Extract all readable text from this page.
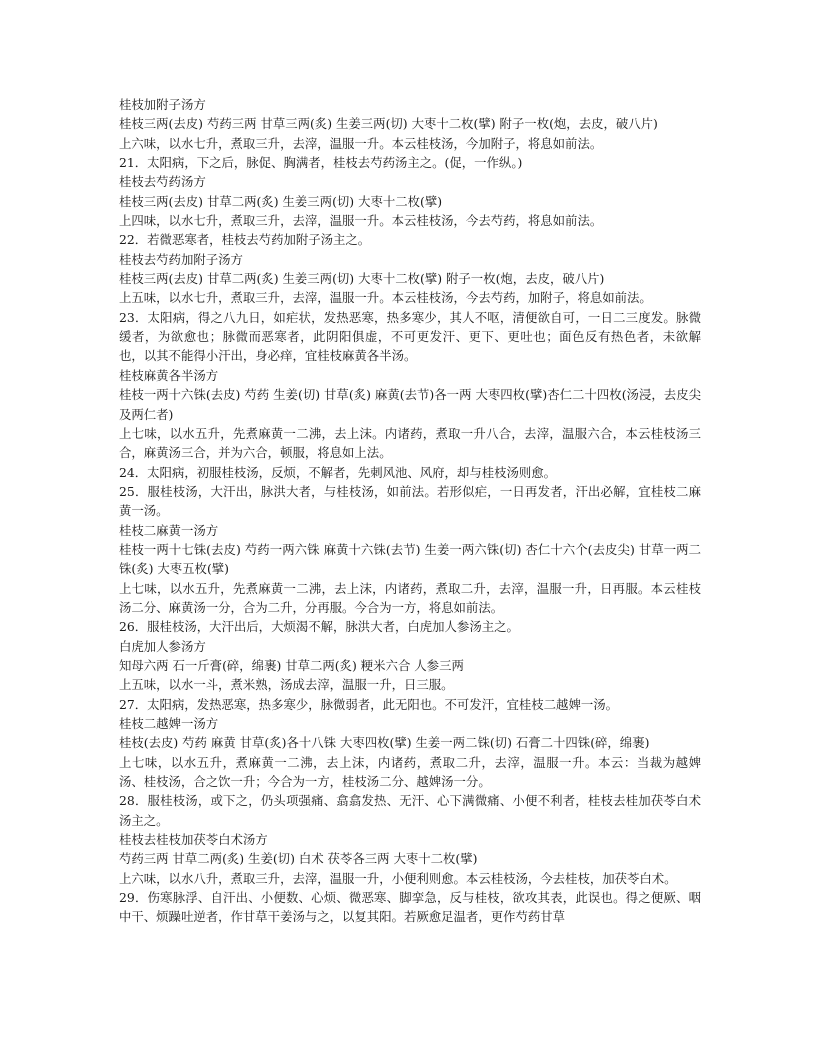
桂枝加附子汤方

桂枝三两(去皮) 芍药三两 甘草三两(炙) 生姜三两(切) 大枣十二枚(擘) 附子一枚(炮，去皮，破八片)

上六味，以水七升，煮取三升，去滓，温服一升。本云桂枝汤，今加附子，将息如前法。

21．太阳病，下之后，脉促、胸满者，桂枝去芍药汤主之。(促，一作纵。)

桂枝去芍药汤方

桂枝三两(去皮) 甘草二两(炙) 生姜三两(切) 大枣十二枚(擘)

上四味，以水七升，煮取三升，去滓，温服一升。本云桂枝汤，今去芍药，将息如前法。

22．若微恶寒者，桂枝去芍药加附子汤主之。

桂枝去芍药加附子汤方

桂枝三两(去皮) 甘草二两(炙) 生姜三两(切) 大枣十二枚(擘) 附子一枚(炮，去皮，破八片)

上五味，以水七升，煮取三升，去滓，温服一升。本云桂枝汤，今去芍药，加附子，将息如前法。

23．太阳病，得之八九日，如疟状，发热恶寒，热多寒少，其人不呕，清便欲自可，一日二三度发。脉微缓者，为欲愈也；脉微而恶寒者，此阴阳俱虚，不可更发汗、更下、更吐也；面色反有热色者，未欲解也，以其不能得小汗出，身必痒，宜桂枝麻黄各半汤。

桂枝麻黄各半汤方

桂枝一两十六铢(去皮) 芍药 生姜(切) 甘草(炙) 麻黄(去节)各一两 大枣四枚(擘)杏仁二十四枚(汤浸，去皮尖及两仁者)

上七味，以水五升，先煮麻黄一二沸，去上沫。内诸药，煮取一升八合，去滓，温服六合，本云桂枝汤三合，麻黄汤三合，并为六合，顿服，将息如上法。

24．太阳病，初服桂枝汤，反烦，不解者，先刺风池、风府，却与桂枝汤则愈。

25．服桂枝汤，大汗出，脉洪大者，与桂枝汤，如前法。若形似疟，一日再发者，汗出必解，宜桂枝二麻黄一汤。

桂枝二麻黄一汤方

桂枝一两十七铢(去皮) 芍药一两六铢 麻黄十六铢(去节) 生姜一两六铢(切) 杏仁十六个(去皮尖) 甘草一两二铢(炙) 大枣五枚(擘)

上七味，以水五升，先煮麻黄一二沸，去上沫，内诸药，煮取二升，去滓，温服一升，日再服。本云桂枝汤二分、麻黄汤一分，合为二升，分再服。今合为一方，将息如前法。

26．服桂枝汤，大汗出后，大烦渴不解，脉洪大者，白虎加人参汤主之。

白虎加人参汤方

知母六两 石一斤膏(碎，绵裹) 甘草二两(炙) 粳米六合 人参三两

上五味，以水一斗，煮米熟，汤成去滓，温服一升，日三服。

27．太阳病，发热恶寒，热多寒少，脉微弱者，此无阳也。不可发汗，宜桂枝二越婢一汤。

桂枝二越婢一汤方

桂枝(去皮) 芍药 麻黄 甘草(炙)各十八铢 大枣四枚(擘) 生姜一两二铢(切) 石膏二十四铢(碎，绵裹)

上七味，以水五升，煮麻黄一二沸，去上沫，内诸药，煮取二升，去滓，温服一升。本云：当裁为越婢汤、桂枝汤，合之饮一升；今合为一方，桂枝汤二分、越婢汤一分。

28．服桂枝汤，或下之，仍头项强痛、翕翕发热、无汗、心下满微痛、小便不利者，桂枝去桂加茯苓白术汤主之。

桂枝去桂枝加茯苓白术汤方

芍药三两 甘草二两(炙) 生姜(切) 白术 茯苓各三两 大枣十二枚(擘)

上六味，以水八升，煮取三升，去滓，温服一升，小便利则愈。本云桂枝汤，今去桂枝，加茯苓白术。

29．伤寒脉浮、自汗出、小便数、心烦、微恶寒、脚挛急，反与桂枝，欲攻其表，此误也。得之便厥、咽中干、烦躁吐逆者，作甘草干姜汤与之，以复其阳。若厥愈足温者，更作芍药甘草
